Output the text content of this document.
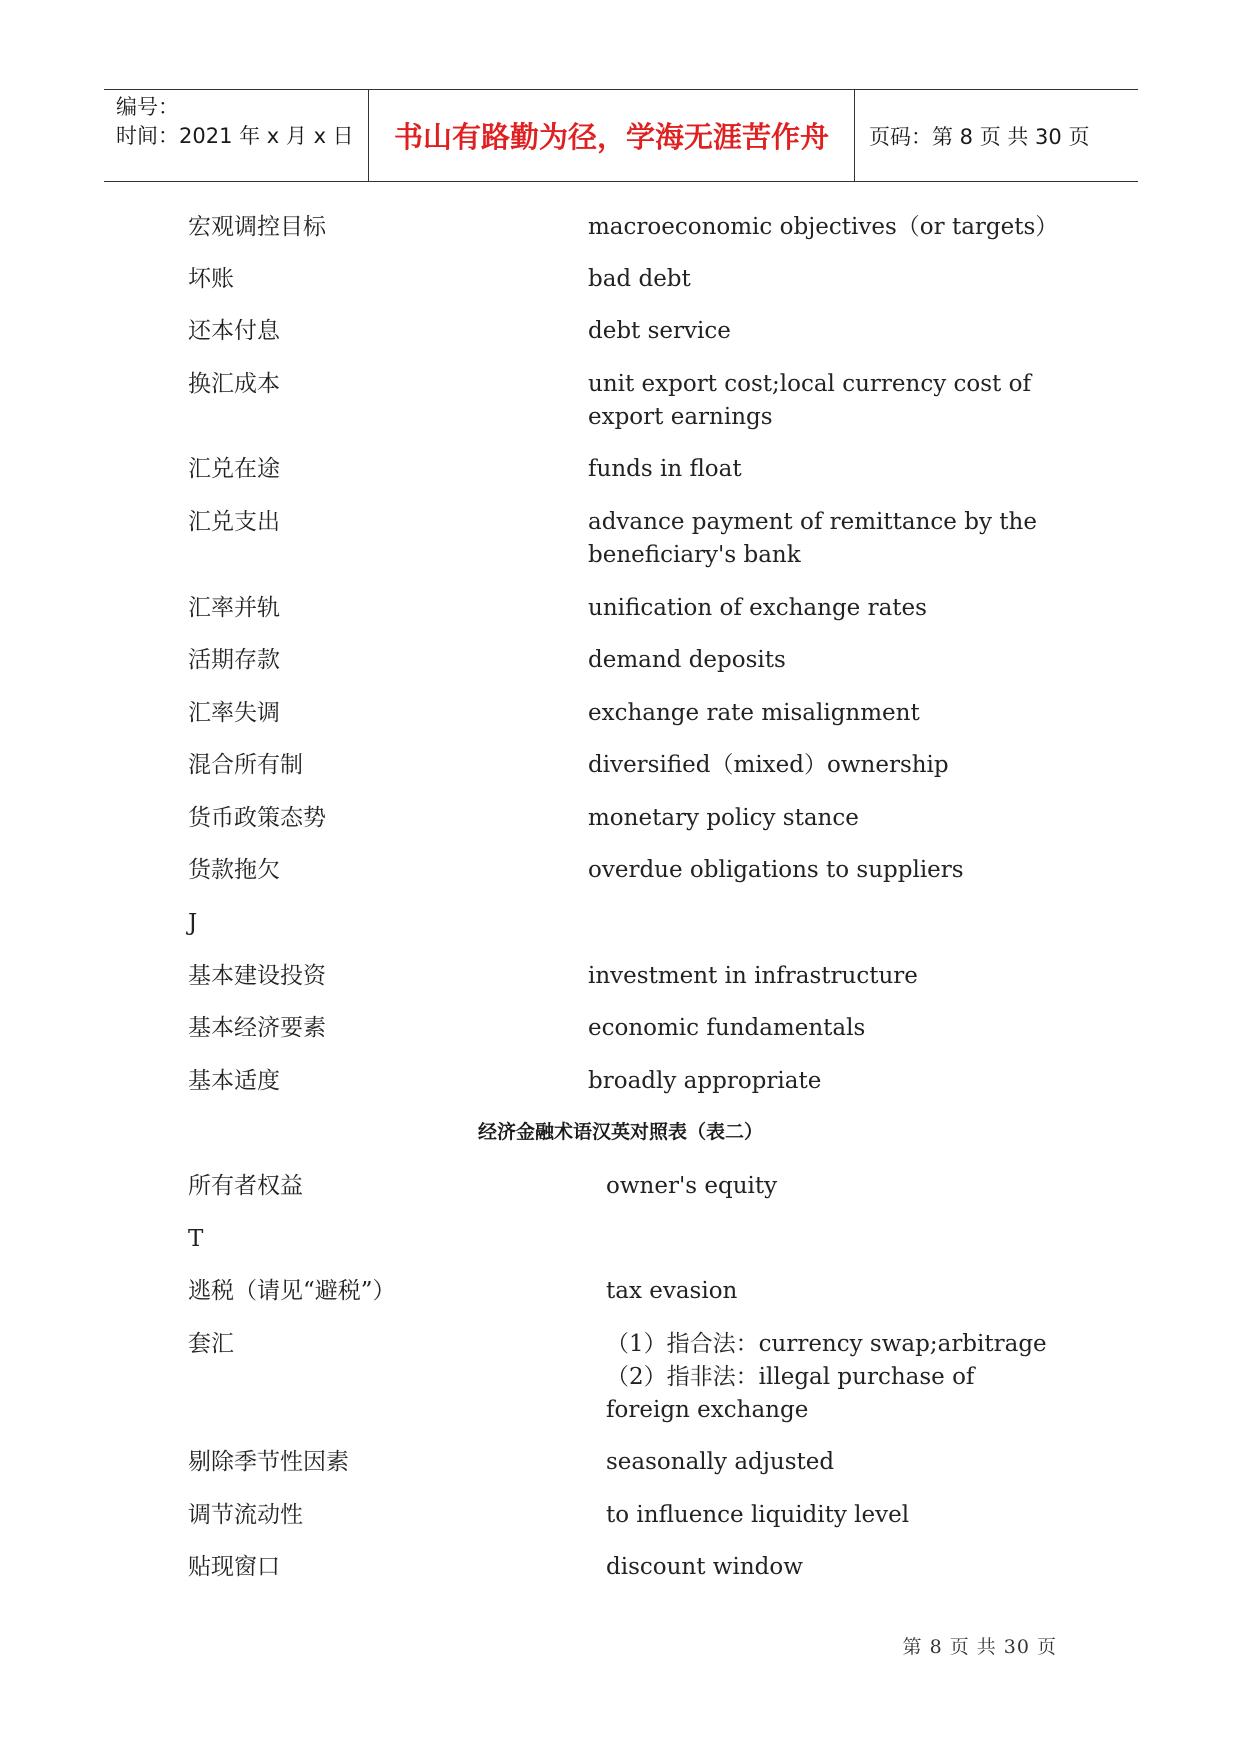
编号：
时间：2021 年 x 月 x 日	书山有路勤为径，学海无涯苦作舟	页码：第 8 页 共 30 页
宏观调控目标	macroeconomic objectives（or targets）
坏账	bad debt
还本付息	debt service
换汇成本	unit export cost;local currency cost of export earnings
汇兑在途	funds in float
汇兑支出	advance payment of remittance by the beneficiary's bank
汇率并轨	unification of exchange rates
活期存款	demand deposits
汇率失调	exchange rate misalignment
混合所有制	diversified（mixed）ownership
货币政策态势	monetary policy stance
货款拖欠	overdue obligations to suppliers
J
基本建设投资	investment in infrastructure
基本经济要素	economic fundamentals
基本适度	broadly appropriate
经济金融术语汉英对照表（表二）
所有者权益	owner's equity
T
逃税（请见“避税”）	tax evasion
套汇	（1）指合法：currency swap;arbitrage（2）指非法：illegal purchase of foreign exchange
剔除季节性因素	seasonally adjusted
调节流动性	to influence liquidity level
贴现窗口	discount window
第 8 页 共 30 页
